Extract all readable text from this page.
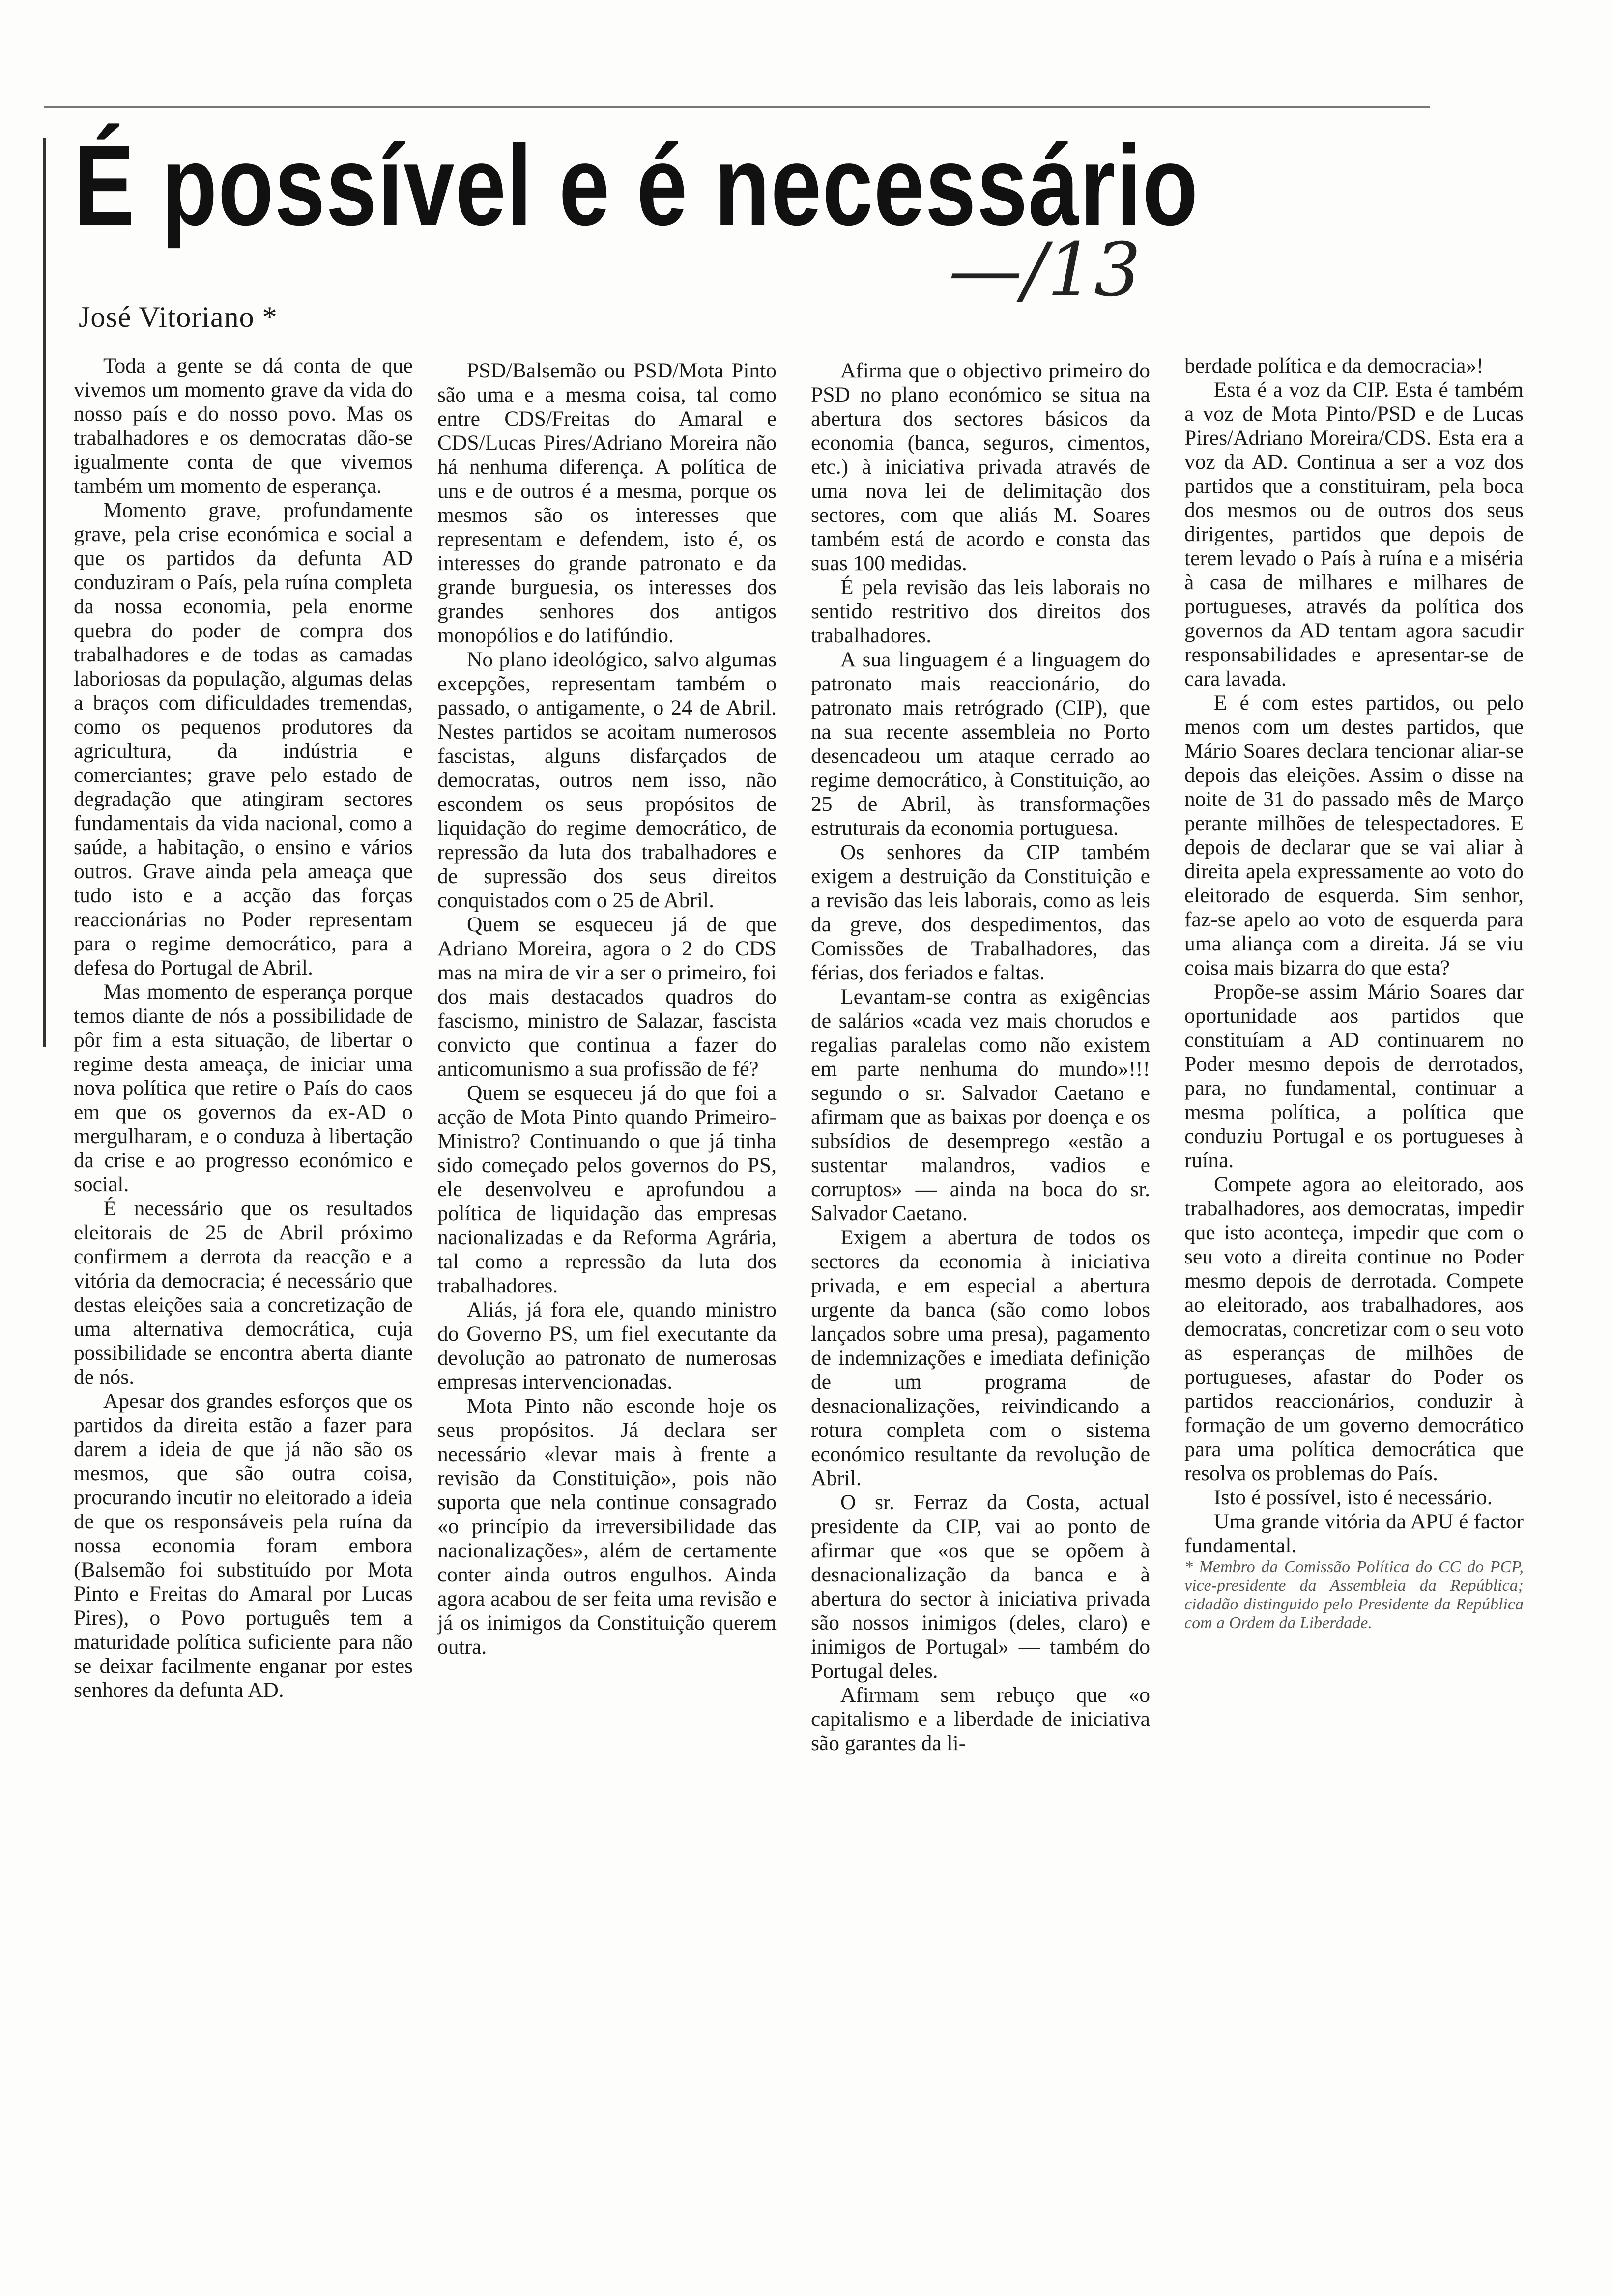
É possível e é necessário
—/13
José Vitoriano *

Toda a gente se dá conta de que vivemos um momento grave da vida do nosso país e do nosso povo. Mas os trabalhadores e os democratas dão-se igualmente conta de que vivemos também um momento de esperança.

Momento grave, profundamente grave, pela crise económica e social a que os partidos da defunta AD conduziram o País, pela ruína completa da nossa economia, pela enorme quebra do poder de compra dos trabalhadores e de todas as camadas laboriosas da população, algumas delas a braços com dificuldades tremendas, como os pequenos produtores da agricultura, da indústria e comerciantes; grave pelo estado de degradação que atingiram sectores fundamentais da vida nacional, como a saúde, a habitação, o ensino e vários outros. Grave ainda pela ameaça que tudo isto e a acção das forças reaccionárias no Poder representam para o regime democrático, para a defesa do Portugal de Abril.

Mas momento de esperança porque temos diante de nós a possibilidade de pôr fim a esta situação, de libertar o regime desta ameaça, de iniciar uma nova política que retire o País do caos em que os governos da ex-AD o mergulharam, e o conduza à libertação da crise e ao progresso económico e social.

É necessário que os resultados eleitorais de 25 de Abril próximo confirmem a derrota da reacção e a vitória da democracia; é necessário que destas eleições saia a concretização de uma alternativa democrática, cuja possibilidade se encontra aberta diante de nós.

Apesar dos grandes esforços que os partidos da direita estão a fazer para darem a ideia de que já não são os mesmos, que são outra coisa, procurando incutir no eleitorado a ideia de que os responsáveis pela ruína da nossa economia foram embora (Balsemão foi substituído por Mota Pinto e Freitas do Amaral por Lucas Pires), o Povo português tem a maturidade política suficiente para não se deixar facilmente enganar por estes senhores da defunta AD.

PSD/Balsemão ou PSD/Mota Pinto são uma e a mesma coisa, tal como entre CDS/Freitas do Amaral e CDS/Lucas Pires/Adriano Moreira não há nenhuma diferença. A política de uns e de outros é a mesma, porque os mesmos são os interesses que representam e defendem, isto é, os interesses do grande patronato e da grande burguesia, os interesses dos grandes senhores dos antigos monopólios e do latifúndio.

No plano ideológico, salvo algumas excepções, representam também o passado, o antigamente, o 24 de Abril. Nestes partidos se acoitam numerosos fascistas, alguns disfarçados de democratas, outros nem isso, não escondem os seus propósitos de liquidação do regime democrático, de repressão da luta dos trabalhadores e de supressão dos seus direitos conquistados com o 25 de Abril.

Quem se esqueceu já de que Adriano Moreira, agora o 2 do CDS mas na mira de vir a ser o primeiro, foi dos mais destacados quadros do fascismo, ministro de Salazar, fascista convicto que continua a fazer do anticomunismo a sua profissão de fé?

Quem se esqueceu já do que foi a acção de Mota Pinto quando Primeiro-Ministro? Continuando o que já tinha sido começado pelos governos do PS, ele desenvolveu e aprofundou a política de liquidação das empresas nacionalizadas e da Reforma Agrária, tal como a repressão da luta dos trabalhadores.

Aliás, já fora ele, quando ministro do Governo PS, um fiel executante da devolução ao patronato de numerosas empresas intervencionadas.

Mota Pinto não esconde hoje os seus propósitos. Já declara ser necessário «levar mais à frente a revisão da Constituição», pois não suporta que nela continue consagrado «o princípio da irreversibilidade das nacionalizações», além de certamente conter ainda outros engulhos. Ainda agora acabou de ser feita uma revisão e já os inimigos da Constituição querem outra.

Afirma que o objectivo primeiro do PSD no plano económico se situa na abertura dos sectores básicos da economia (banca, seguros, cimentos, etc.) à iniciativa privada através de uma nova lei de delimitação dos sectores, com que aliás M. Soares também está de acordo e consta das suas 100 medidas.

É pela revisão das leis laborais no sentido restritivo dos direitos dos trabalhadores.

A sua linguagem é a linguagem do patronato mais reaccionário, do patronato mais retrógrado (CIP), que na sua recente assembleia no Porto desencadeou um ataque cerrado ao regime democrático, à Constituição, ao 25 de Abril, às transformações estruturais da economia portuguesa.

Os senhores da CIP também exigem a destruição da Constituição e a revisão das leis laborais, como as leis da greve, dos despedimentos, das Comissões de Trabalhadores, das férias, dos feriados e faltas.

Levantam-se contra as exigências de salários «cada vez mais chorudos e regalias paralelas como não existem em parte nenhuma do mundo»!!! segundo o sr. Salvador Caetano e afirmam que as baixas por doença e os subsídios de desemprego «estão a sustentar malandros, vadios e corruptos» — ainda na boca do sr. Salvador Caetano.

Exigem a abertura de todos os sectores da economia à iniciativa privada, e em especial a abertura urgente da banca (são como lobos lançados sobre uma presa), pagamento de indemnizações e imediata definição de um programa de desnacionalizações, reivindicando a rotura completa com o sistema económico resultante da revolução de Abril.

O sr. Ferraz da Costa, actual presidente da CIP, vai ao ponto de afirmar que «os que se opõem à desnacionalização da banca e à abertura do sector à iniciativa privada são nossos inimigos (deles, claro) e inimigos de Portugal» — também do Portugal deles.

Afirmam sem rebuço que «o capitalismo e a liberdade de iniciativa são garantes da li-

berdade política e da democracia»!

Esta é a voz da CIP. Esta é também a voz de Mota Pinto/PSD e de Lucas Pires/Adriano Moreira/CDS. Esta era a voz da AD. Continua a ser a voz dos partidos que a constituiram, pela boca dos mesmos ou de outros dos seus dirigentes, partidos que depois de terem levado o País à ruína e a miséria à casa de milhares e milhares de portugueses, através da política dos governos da AD tentam agora sacudir responsabilidades e apresentar-se de cara lavada.

E é com estes partidos, ou pelo menos com um destes partidos, que Mário Soares declara tencionar aliar-se depois das eleições. Assim o disse na noite de 31 do passado mês de Março perante milhões de telespectadores. E depois de declarar que se vai aliar à direita apela expressamente ao voto do eleitorado de esquerda. Sim senhor, faz-se apelo ao voto de esquerda para uma aliança com a direita. Já se viu coisa mais bizarra do que esta?

Propõe-se assim Mário Soares dar oportunidade aos partidos que constituíam a AD continuarem no Poder mesmo depois de derrotados, para, no fundamental, continuar a mesma política, a política que conduziu Portugal e os portugueses à ruína.

Compete agora ao eleitorado, aos trabalhadores, aos democratas, impedir que isto aconteça, impedir que com o seu voto a direita continue no Poder mesmo depois de derrotada. Compete ao eleitorado, aos trabalhadores, aos democratas, concretizar com o seu voto as esperanças de milhões de portugueses, afastar do Poder os partidos reaccionários, conduzir à formação de um governo democrático para uma política democrática que resolva os problemas do País.

Isto é possível, isto é necessário.

Uma grande vitória da APU é factor fundamental.

* Membro da Comissão Política do CC do PCP, vice-presidente da Assembleia da República; cidadão distinguido pelo Presidente da República com a Ordem da Liberdade.
